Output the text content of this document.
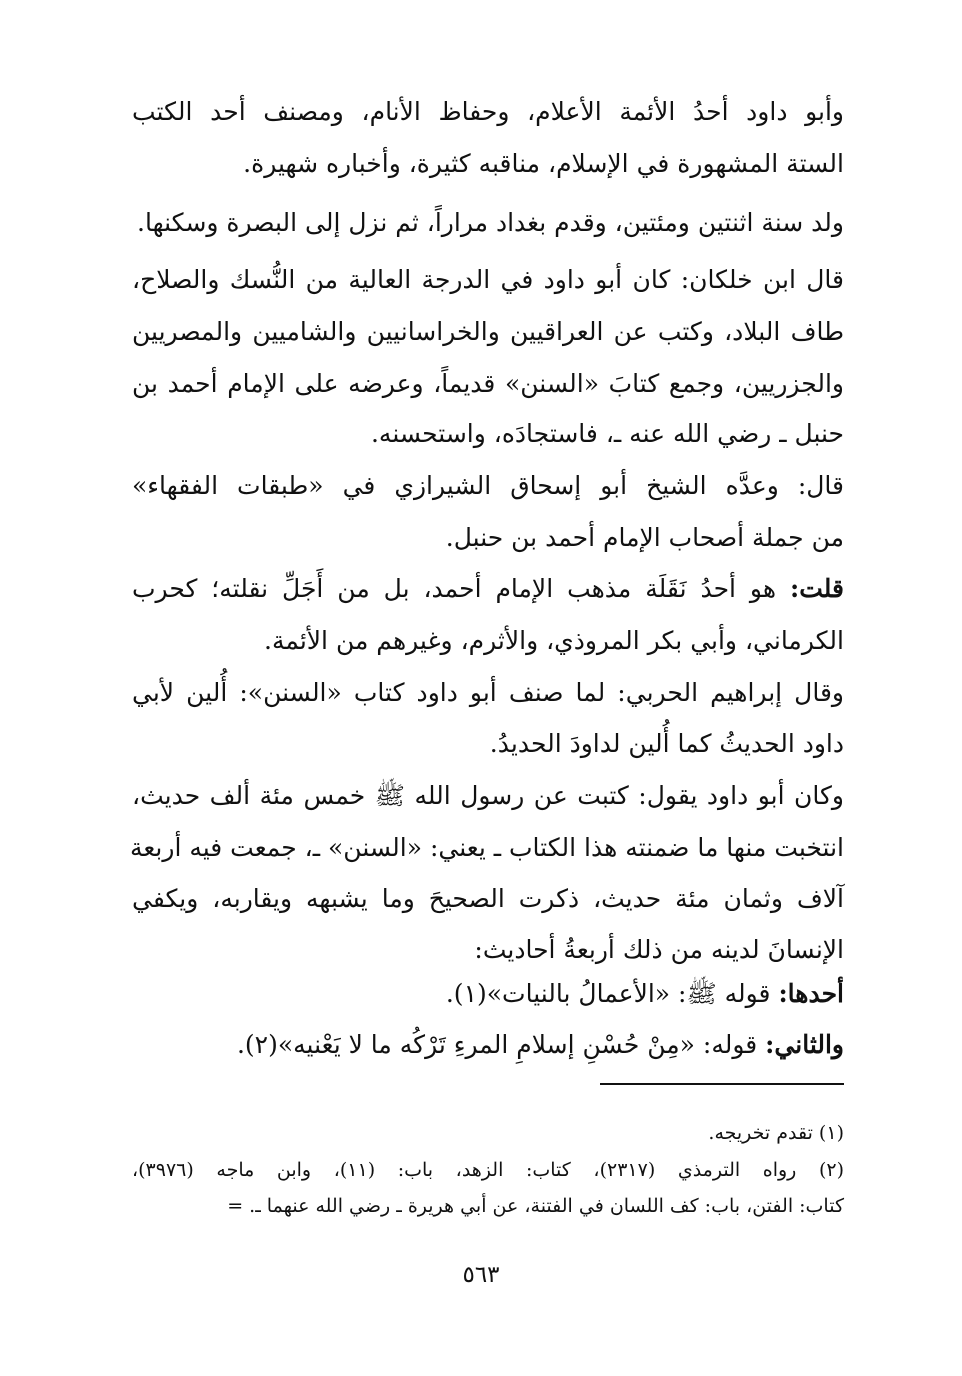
وأبو داود أحدُ الأئمة الأعلام، وحفاظ الأنام، ومصنف أحد الكتب
الستة المشهورة في الإسلام، مناقبه كثيرة، وأخباره شهيرة.
ولد سنة اثنتين ومئتين، وقدم بغداد مراراً، ثم نزل إلى البصرة وسكنها.
قال ابن خلكان: كان أبو داود في الدرجة العالية من النُّسك والصلاح،
طاف البلاد، وكتب عن العراقيين والخراسانيين والشاميين والمصريين
والجزريين، وجمع كتابَ «السنن» قديماً، وعرضه على الإمام أحمد بن
حنبل ـ رضي الله عنه ـ، فاستجادَه، واستحسنه.
قال: وعدَّه الشيخ أبو إسحاق الشيرازي في «طبقات الفقهاء»
من جملة أصحاب الإمام أحمد بن حنبل.
قلت: هو أحدُ نَقَلَة مذهب الإمام أحمد، بل من أَجَلِّ نقلته؛ كحرب
الكرماني، وأبي بكر المروذي، والأثرم، وغيرهم من الأئمة.
وقال إبراهيم الحربي: لما صنف أبو داود كتاب «السنن»: أُلين لأبي
داود الحديثُ كما أُلين لداودَ الحديدُ.
وكان أبو داود يقول: كتبت عن رسول الله ﷺ خمس مئة ألف حديث،
انتخبت منها ما ضمنته هذا الكتاب ـ يعني: «السنن» ـ، جمعت فيه أربعة
آلاف وثمان مئة حديث، ذكرت الصحيحَ وما يشبهه ويقاربه، ويكفي
الإنسانَ لدينه من ذلك أربعةُ أحاديث:
أحدها: قوله ﷺ: «الأعمالُ بالنيات»(١).
والثاني: قوله: «مِنْ حُسْنِ إسلامِ المرءِ تَرْكُه ما لا يَعْنيه»(٢).
(١) تقدم تخريجه.
(٢) رواه الترمذي (٢٣١٧)، كتاب: الزهد، باب: (١١)، وابن ماجه (٣٩٧٦)،
كتاب: الفتن، باب: كف اللسان في الفتنة، عن أبي هريرة ـ رضي الله عنهما ـ. =
٥٦٣
